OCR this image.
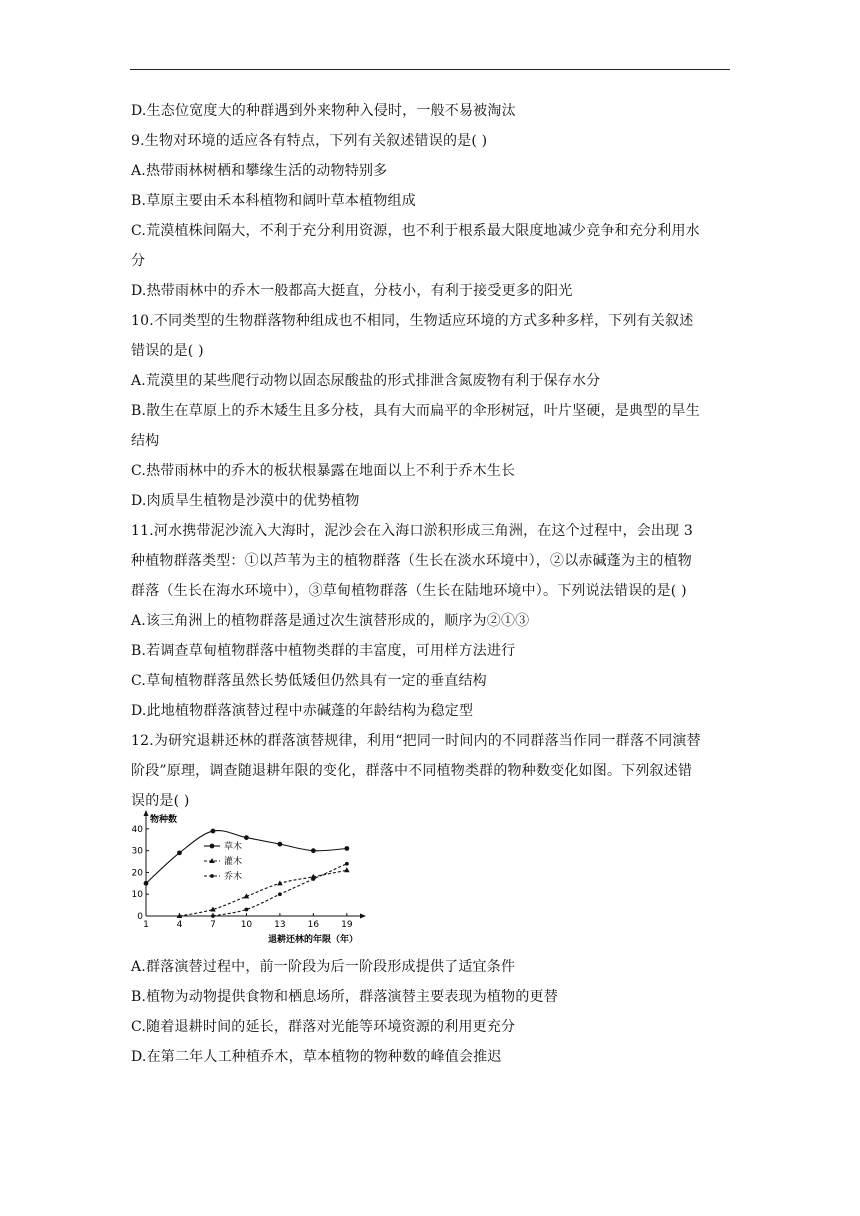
D.生态位宽度大的种群遇到外来物种入侵时，一般不易被淘汰
9.生物对环境的适应各有特点，下列有关叙述错误的是( )
A.热带雨林树栖和攀缘生活的动物特别多
B.草原主要由禾本科植物和阔叶草本植物组成
C.荒漠植株间隔大，不利于充分利用资源，也不利于根系最大限度地减少竞争和充分利用水
分
D.热带雨林中的乔木一般都高大挺直，分枝小，有利于接受更多的阳光
10.不同类型的生物群落物种组成也不相同，生物适应环境的方式多种多样，下列有关叙述
错误的是( )
A.荒漠里的某些爬行动物以固态尿酸盐的形式排泄含氮废物有利于保存水分
B.散生在草原上的乔木矮生且多分枝，具有大而扁平的伞形树冠，叶片坚硬，是典型的旱生
结构
C.热带雨林中的乔木的板状根暴露在地面以上不利于乔木生长
D.肉质旱生植物是沙漠中的优势植物
11.河水携带泥沙流入大海时，泥沙会在入海口淤积形成三角洲，在这个过程中，会出现 3
种植物群落类型：①以芦苇为主的植物群落（生长在淡水环境中），②以赤碱蓬为主的植物
群落（生长在海水环境中），③草甸植物群落（生长在陆地环境中）。下列说法错误的是( )
A.该三角洲上的植物群落是通过次生演替形成的，顺序为②①③
B.若调查草甸植物群落中植物类群的丰富度，可用样方法进行
C.草甸植物群落虽然长势低矮但仍然具有一定的垂直结构
D.此地植物群落演替过程中赤碱蓬的年龄结构为稳定型
12.为研究退耕还林的群落演替规律，利用“把同一时间内的不同群落当作同一群落不同演替
阶段”原理，调查随退耕年限的变化，群落中不同植物类群的物种数变化如图。下列叙述错
误的是( )
物种数
退耕还林的年限（年）
1	4	7	10 13 16 19
0
10
20
30
40
草木
灌木
乔木
A.群落演替过程中，前一阶段为后一阶段形成提供了适宜条件
B.植物为动物提供食物和栖息场所，群落演替主要表现为植物的更替
C.随着退耕时间的延长，群落对光能等环境资源的利用更充分
D.在第二年人工种植乔木，草本植物的物种数的峰值会推迟
